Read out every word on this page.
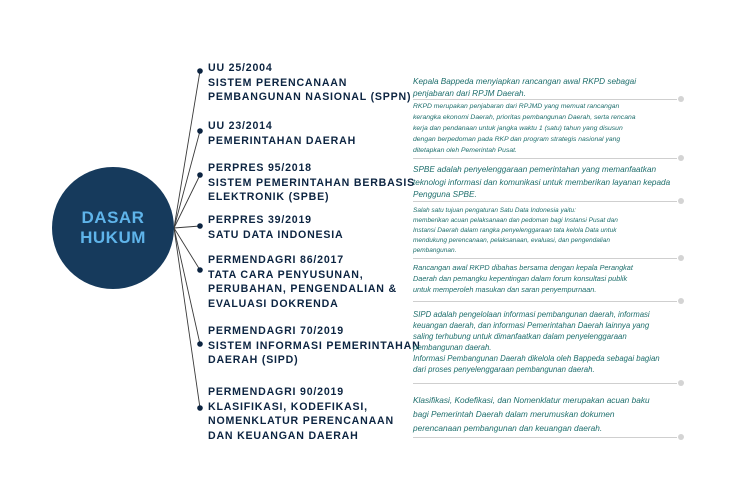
DASAR
HUKUM
UU 25/2004
SISTEM PERENCANAAN
PEMBANGUNAN NASIONAL (SPPN)
UU 23/2014
PEMERINTAHAN DAERAH
PERPRES 95/2018
SISTEM PEMERINTAHAN BERBASIS
ELEKTRONIK (SPBE)
PERPRES 39/2019
SATU DATA INDONESIA
PERMENDAGRI 86/2017
TATA CARA PENYUSUNAN,
PERUBAHAN, PENGENDALIAN &
EVALUASI DOKRENDA
PERMENDAGRI 70/2019
SISTEM INFORMASI PEMERINTAHAN
DAERAH (SIPD)
PERMENDAGRI 90/2019
KLASIFIKASI, KODEFIKASI,
NOMENKLATUR PERENCANAAN
DAN KEUANGAN DAERAH
Kepala Bappeda menyiapkan rancangan awal RKPD sebagai
penjabaran dari RPJM Daerah.
RKPD merupakan penjabaran dari RPJMD yang memuat rancangan
kerangka ekonomi Daerah, prioritas pembangunan Daerah, serta rencana
kerja dan pendanaan untuk jangka waktu 1 (satu) tahun yang disusun
dengan berpedoman pada RKP dan program strategis nasional yang
ditetapkan oleh Pemerintah Pusat.
SPBE adalah penyelenggaraan pemerintahan yang memanfaatkan
teknologi informasi dan komunikasi untuk memberikan layanan kepada
Pengguna SPBE.
Salah satu tujuan pengaturan Satu Data Indonesia yaitu:
memberikan acuan pelaksanaan dan pedoman bagi Instansi Pusat dan
Instansi Daerah dalam rangka penyelenggaraan tata kelola Data untuk
mendukung perencanaan, pelaksanaan, evaluasi, dan pengendalian
pembangunan.
Rancangan awal RKPD dibahas bersama dengan kepala Perangkat
Daerah dan pemangku kepentingan dalam forum konsultasi publik
untuk memperoleh masukan dan saran penyempurnaan.
SIPD adalah pengelolaan informasi pembangunan daerah, informasi
keuangan daerah, dan informasi Pemerintahan Daerah lainnya yang
saling terhubung untuk dimanfaatkan dalam penyelenggaraan
pembangunan daerah.
Informasi Pembangunan Daerah dikelola oleh Bappeda sebagai bagian
dari proses penyelenggaraan pembangunan daerah.
Klasifikasi, Kodefikasi, dan Nomenklatur merupakan acuan baku
bagi Pemerintah Daerah dalam merumuskan dokumen
perencanaan pembangunan dan keuangan daerah.
